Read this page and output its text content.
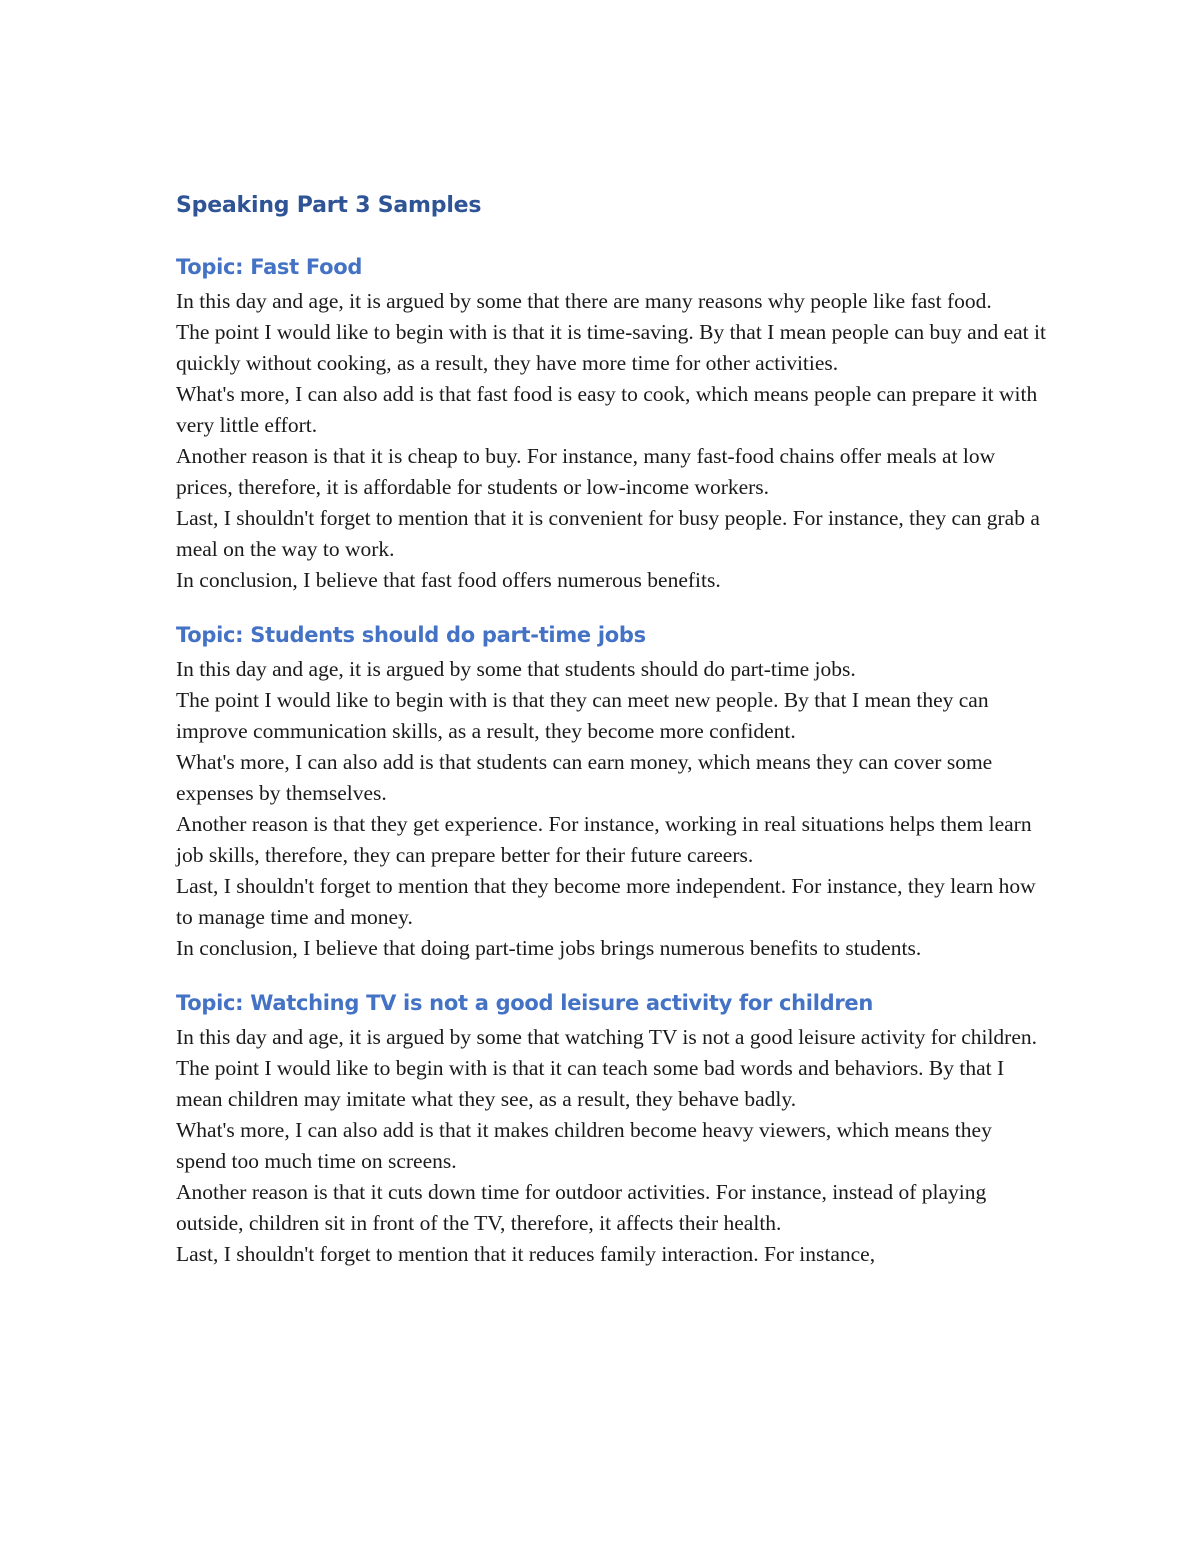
Speaking Part 3 Samples
Topic: Fast Food

In this day and age, it is argued by some that there are many reasons why people like fast food.

The point I would like to begin with is that it is time-saving. By that I mean people can buy and eat it quickly without cooking, as a result, they have more time for other activities.

What's more, I can also add is that fast food is easy to cook, which means people can prepare it with very little effort.

Another reason is that it is cheap to buy. For instance, many fast-food chains offer meals at low prices, therefore, it is affordable for students or low-income workers.

Last, I shouldn't forget to mention that it is convenient for busy people. For instance, they can grab a meal on the way to work.

In conclusion, I believe that fast food offers numerous benefits.

Topic: Students should do part-time jobs

In this day and age, it is argued by some that students should do part-time jobs.

The point I would like to begin with is that they can meet new people. By that I mean they can improve communication skills, as a result, they become more confident.

What's more, I can also add is that students can earn money, which means they can cover some expenses by themselves.

Another reason is that they get experience. For instance, working in real situations helps them learn job skills, therefore, they can prepare better for their future careers.

Last, I shouldn't forget to mention that they become more independent. For instance, they learn how to manage time and money.

In conclusion, I believe that doing part-time jobs brings numerous benefits to students.

Topic: Watching TV is not a good leisure activity for children

In this day and age, it is argued by some that watching TV is not a good leisure activity for children.

The point I would like to begin with is that it can teach some bad words and behaviors. By that I mean children may imitate what they see, as a result, they behave badly.

What's more, I can also add is that it makes children become heavy viewers, which means they spend too much time on screens.

Another reason is that it cuts down time for outdoor activities. For instance, instead of playing outside, children sit in front of the TV, therefore, it affects their health.

Last, I shouldn't forget to mention that it reduces family interaction. For instance,
